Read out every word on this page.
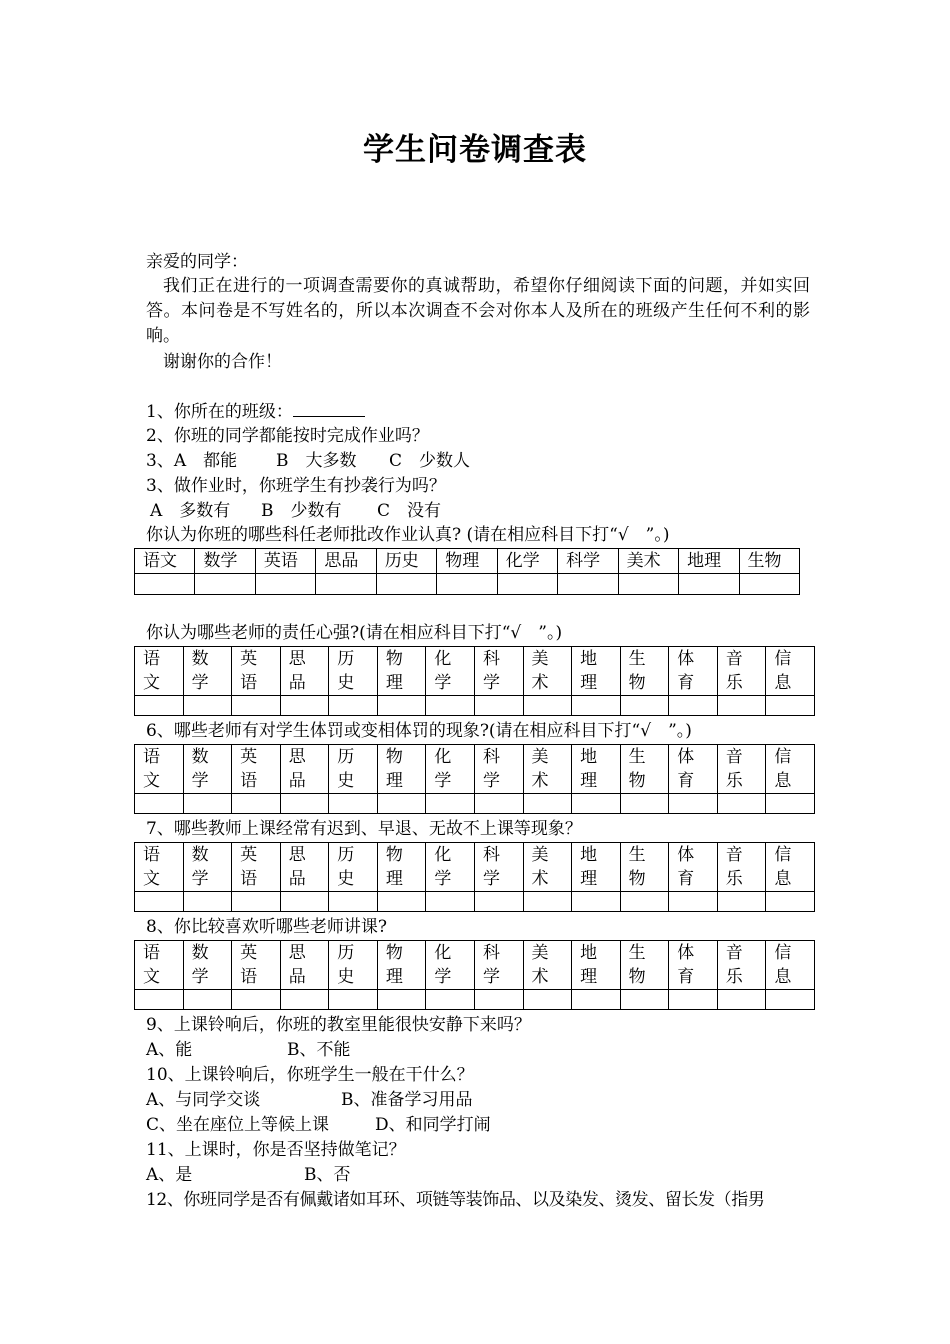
学生问卷调查表
亲爱的同学：
我们正在进行的一项调查需要你的真诚帮助，希望你仔细阅读下面的问题，并如实回答。本问卷是不写姓名的，所以本次调查不会对你本人及所在的班级产生任何不利的影响。
谢谢你的合作！
1、你所在的班级：
2、你班的同学都能按时完成作业吗？
3、A　都能 B　大多数 C　少数人
3、做作业时，你班学生有抄袭行为吗？
A　多数有 B　少数有 C　没有
你认为你班的哪些科任老师批改作业认真? (请在相应科目下打“√　”。)
语文	数学	英语	思品	历史	物理	化学	科学	美术	地理	生物

你认为哪些老师的责任心强?(请在相应科目下打“√　”。)
语文	数学	英语	思品	历史	物理	化学	科学	美术	地理	生物	体育	音乐	信息

6、哪些老师有对学生体罚或变相体罚的现象?(请在相应科目下打“√　”。)
语文	数学	英语	思品	历史	物理	化学	科学	美术	地理	生物	体育	音乐	信息

7、哪些教师上课经常有迟到、早退、无故不上课等现象？
语文	数学	英语	思品	历史	物理	化学	科学	美术	地理	生物	体育	音乐	信息

8、你比较喜欢听哪些老师讲课?
语文	数学	英语	思品	历史	物理	化学	科学	美术	地理	生物	体育	音乐	信息

9、上课铃响后，你班的教室里能很快安静下来吗？
A、能	B、不能
10、上课铃响后，你班学生一般在干什么？
A、与同学交谈	B、准备学习用品
C、坐在座位上等候上课	D、和同学打闹
11、上课时，你是否坚持做笔记？
A、是	B、否
12、你班同学是否有佩戴诸如耳环、项链等装饰品、以及染发、烫发、留长发（指男
